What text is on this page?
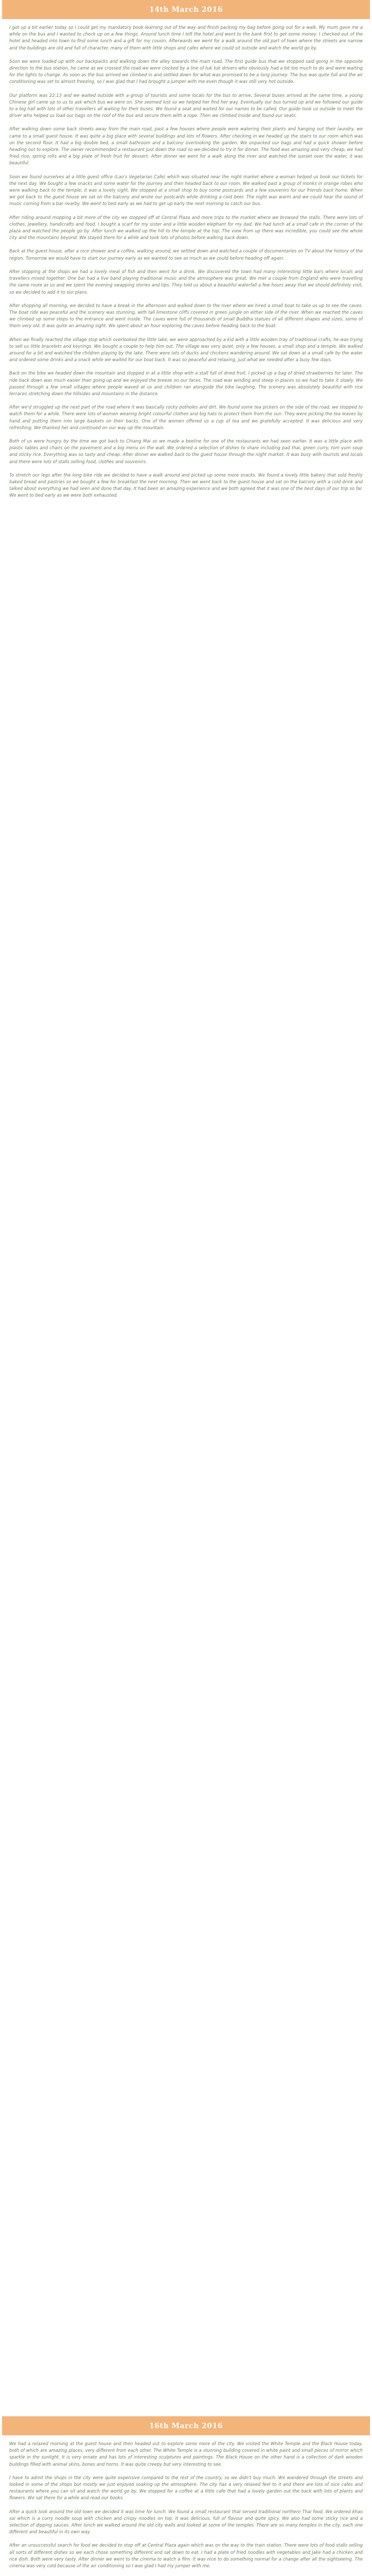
14th March 2016

I got up a bit earlier today so I could get my mandatory book-learning out of the way and finish packing my bag before going out for a walk. My mum gave me a while on the bus and I wanted to check up on a few things. Around lunch time I left the hotel and went to the bank first to get some money. I checked out of the hotel and headed into town to find some lunch and a gift for my cousin. Afterwards we went for a walk around the old part of town where the streets are narrow and the buildings are old and full of character, many of them with little shops and cafes where we could sit outside and watch the world go by.

Soon we were loaded up with our backpacks and walking down the alley towards the main road. The first guide bus that we stopped said going in the opposite direction to the bus station, he came as we crossed the road we were clocked by a line of tuk tuk drivers who obviously had a bit too much to do and were waiting for the lights to change. As soon as the bus arrived we climbed in and settled down for what was promised to be a long journey. The bus was quite full and the air conditioning was set to almost freezing, so I was glad that I had brought a jumper with me even though it was still very hot outside.

Our platform was 22:13 and we waited outside with a group of tourists and some locals for the bus to arrive. Several buses arrived at the same time, a young Chinese girl came up to us to ask which bus we were on. She seemed lost so we helped her find her way. Eventually our bus turned up and we followed our guide to a big hall with lots of other travellers all waiting for their buses. We found a seat and waited for our names to be called. Our guide took us outside to meet the driver who helped us load our bags on the roof of the bus and secure them with a rope. Then we climbed inside and found our seats.

After walking down some back streets away from the main road, past a few houses where people were watering their plants and hanging out their laundry, we came to a small guest house. It was quite a big place with several buildings and lots of flowers. After checking in we headed up the stairs to our room which was on the second floor. It had a big double bed, a small bathroom and a balcony overlooking the garden. We unpacked our bags and had a quick shower before heading out to explore. The owner recommended a restaurant just down the road so we decided to try it for dinner. The food was amazing and very cheap, we had fried rice, spring rolls and a big plate of fresh fruit for dessert. After dinner we went for a walk along the river and watched the sunset over the water, it was beautiful.

Soon we found ourselves at a little guest office (Lao's Vegetarian Cafe) which was situated near the night market where a woman helped us book our tickets for the next day. We bought a few snacks and some water for the journey and then headed back to our room. We walked past a group of monks in orange robes who were walking back to the temple, it was a lovely sight. We stopped at a small shop to buy some postcards and a few souvenirs for our friends back home. When we got back to the guest house we sat on the balcony and wrote our postcards while drinking a cold beer. The night was warm and we could hear the sound of music coming from a bar nearby. We went to bed early as we had to get up early the next morning to catch our bus.

After riding around mopping a bit more of the city we stopped off at Central Plaza and more trips to the market where we browsed the stalls. There were lots of clothes, jewellery, handicrafts and food. I bought a scarf for my sister and a little wooden elephant for my dad. We had lunch at a small cafe in the corner of the plaza and watched the people go by. After lunch we walked up the hill to the temple at the top. The view from up there was incredible, you could see the whole city and the mountains beyond. We stayed there for a while and took lots of photos before walking back down.

Back at the guest house, after a nice shower and a coffee, walking around, we settled down and watched a couple of documentaries on TV about the history of the region. Tomorrow we would have to start our journey early as we wanted to see as much as we could before heading off again.

After stopping at the shops we had a lovely meal of fish and then went for a drink. We discovered the town had many interesting little bars where locals and travellers mixed together. One bar had a live band playing traditional music and the atmosphere was great. We met a couple from England who were travelling the same route as us and we spent the evening swapping stories and tips. They told us about a beautiful waterfall a few hours away that we should definitely visit, so we decided to add it to our plans.

After shopping all morning, we decided to have a break in the afternoon and walked down to the river where we hired a small boat to take us up to see the caves. The boat ride was peaceful and the scenery was stunning, with tall limestone cliffs covered in green jungle on either side of the river. When we reached the caves we climbed up some steps to the entrance and went inside. The caves were full of thousands of small Buddha statues of all different shapes and sizes, some of them very old. It was quite an amazing sight. We spent about an hour exploring the caves before heading back to the boat.

When we finally reached the village stop which overlooked the little lake, we were approached by a kid with a little wooden tray of traditional crafts, he was trying to sell us little bracelets and keyrings. We bought a couple to help him out. The village was very quiet, only a few houses, a small shop and a temple. We walked around for a bit and watched the children playing by the lake. There were lots of ducks and chickens wandering around. We sat down at a small cafe by the water and ordered some drinks and a snack while we waited for our boat back. It was so peaceful and relaxing, just what we needed after a busy few days.

Back on the bike we headed down the mountain and stopped in at a little shop with a stall full of dried fruit. I picked up a bag of dried strawberries for later. The ride back down was much easier than going up and we enjoyed the breeze on our faces. The road was winding and steep in places so we had to take it slowly. We passed through a few small villages where people waved at us and children ran alongside the bike laughing. The scenery was absolutely beautiful with rice terraces stretching down the hillsides and mountains in the distance.

After we'd struggled up the next part of the road where it was basically rocky potholes and dirt. We found some tea pickers on the side of the road, we stopped to watch them for a while. There were lots of women wearing bright colourful clothes and big hats to protect them from the sun. They were picking the tea leaves by hand and putting them into large baskets on their backs. One of the women offered us a cup of tea and we gratefully accepted. It was delicious and very refreshing. We thanked her and continued on our way up the mountain.

Both of us were hungry by the time we got back to Chiang Mai so we made a beeline for one of the restaurants we had seen earlier. It was a little place with plastic tables and chairs on the pavement and a big menu on the wall. We ordered a selection of dishes to share including pad thai, green curry, tom yum soup and sticky rice. Everything was so tasty and cheap. After dinner we walked back to the guest house through the night market. It was busy with tourists and locals and there were lots of stalls selling food, clothes and souvenirs.

To stretch our legs after the long bike ride we decided to have a walk around and picked up some more snacks. We found a lovely little bakery that sold freshly baked bread and pastries so we bought a few for breakfast the next morning. Then we went back to the guest house and sat on the balcony with a cold drink and talked about everything we had seen and done that day. It had been an amazing experience and we both agreed that it was one of the best days of our trip so far. We went to bed early as we were both exhausted.

16th March 2016

We had a relaxed morning at the guest house and then headed out to explore some more of the city. We visited the White Temple and the Black House today, both of which are amazing places, very different from each other. The White Temple is a stunning building covered in white paint and small pieces of mirror which sparkle in the sunlight. It is very ornate and has lots of interesting sculptures and paintings. The Black House on the other hand is a collection of dark wooden buildings filled with animal skins, bones and horns. It was quite creepy but very interesting to see.

I have to admit the shops in the city were quite expensive compared to the rest of the country, so we didn't buy much. We wandered through the streets and looked in some of the shops but mostly we just enjoyed soaking up the atmosphere. The city has a very relaxed feel to it and there are lots of nice cafes and restaurants where you can sit and watch the world go by. We stopped for a coffee at a little cafe that had a lovely garden out the back with lots of plants and flowers. We sat there for a while and read our books.

After a quick look around the old town we decided it was time for lunch. We found a small restaurant that served traditional northern Thai food. We ordered khao soi which is a curry noodle soup with chicken and crispy noodles on top. It was delicious, full of flavour and quite spicy. We also had some sticky rice and a selection of dipping sauces. After lunch we walked around the old city walls and looked at some of the temples. There are so many temples in the city, each one different and beautiful in its own way.

After an unsuccessful search for food we decided to stop off at Central Plaza again which was on the way to the train station. There were lots of food stalls selling all sorts of different dishes so we each chose something different and sat down to eat. I had a plate of fried noodles with vegetables and Jake had a chicken and rice dish. Both were very tasty. After dinner we went to the cinema to watch a film. It was nice to do something normal for a change after all the sightseeing. The cinema was very cold because of the air conditioning so I was glad I had my jumper with me.
